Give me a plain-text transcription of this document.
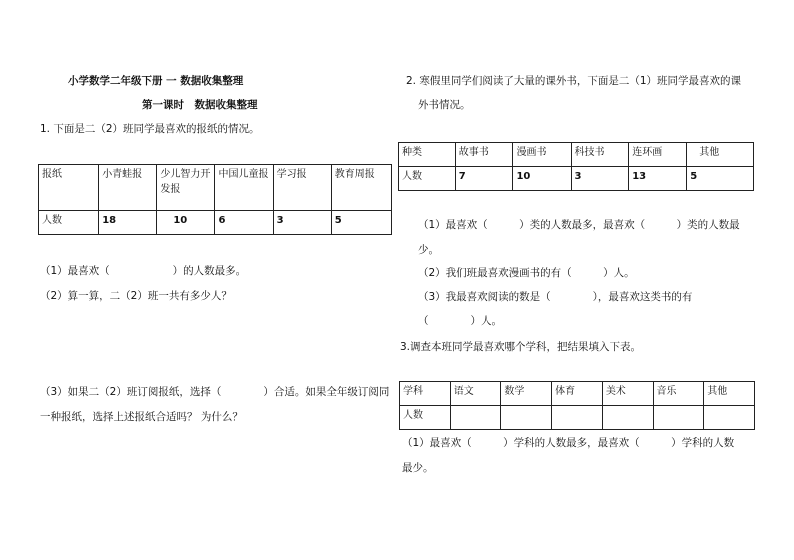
小学数学二年级下册 一 数据收集整理
第一课时　数据收集整理
1. 下面是二（2）班同学最喜欢的报纸的情况。
报纸	小青蛙报	少儿智力开发报	中国儿童报	学习报	教育周报
人数	18	10	6	3	5
（1）最喜欢（　　　　　　）的人数最多。
（2）算一算，二（2）班一共有多少人？
（3）如果二（2）班订阅报纸，选择（　　　　）合适。如果全年级订阅同
一种报纸，选择上述报纸合适吗？ 为什么？
2. 寒假里同学们阅读了大量的课外书，下面是二（1）班同学最喜欢的课
外书情况。
种类	故事书	漫画书	科技书	连环画	其他
人数	7	10	3	13	5
（1）最喜欢（　　　）类的人数最多，最喜欢（　　　）类的人数最
少。
（2）我们班最喜欢漫画书的有（　　　）人。
（3）我最喜欢阅读的数是（　　　　），最喜欢这类书的有
（　　　　）人。
3.调查本班同学最喜欢哪个学科，把结果填入下表。
学科	语文	数学	体育	美术	音乐	其他
人数						
（1）最喜欢（　　　）学科的人数最多，最喜欢（　　　）学科的人数
最少。
